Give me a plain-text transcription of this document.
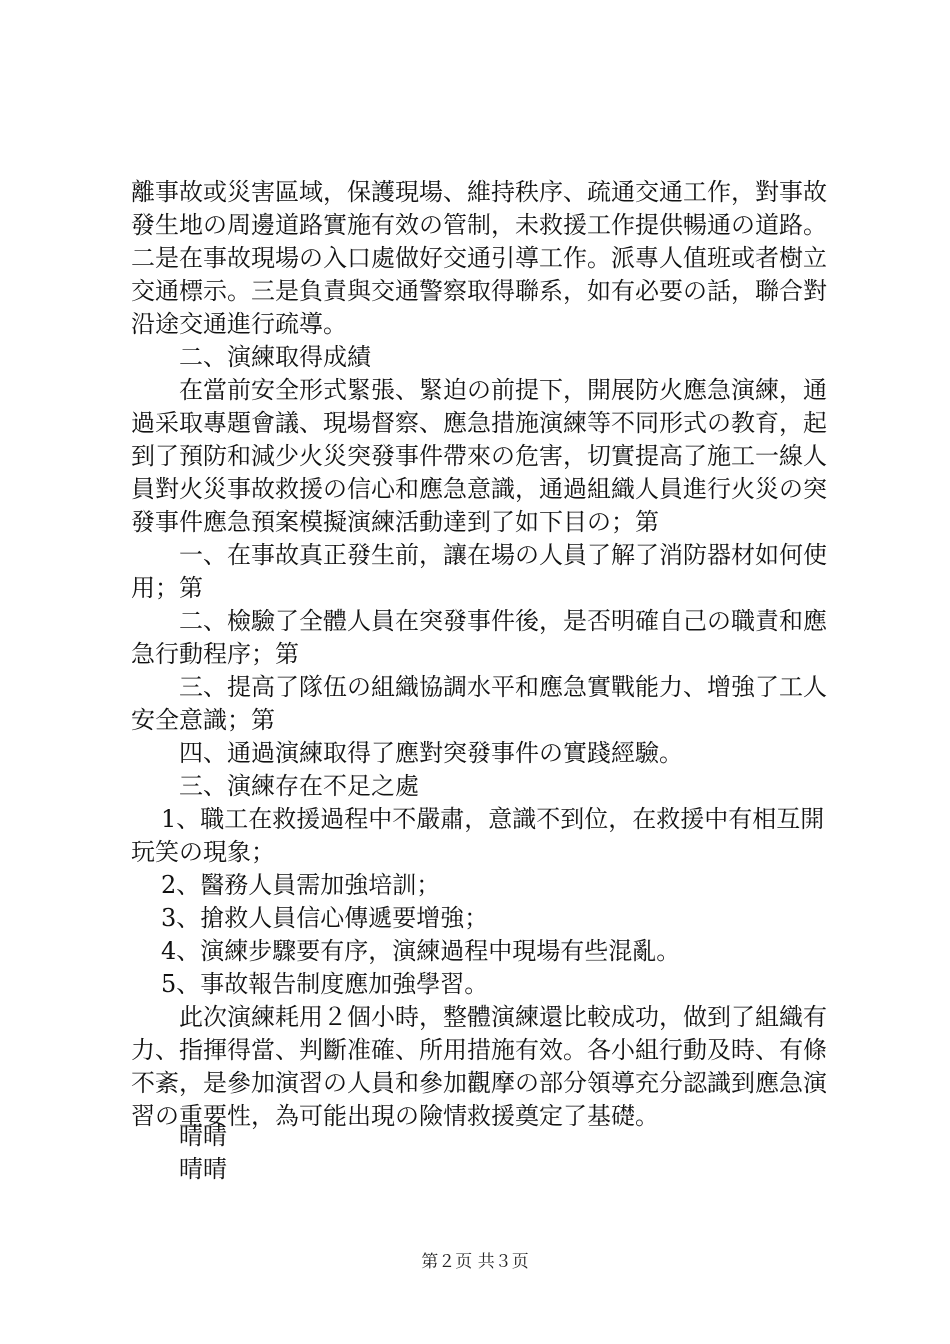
離事故或災害區域，保護現場、維持秩序、疏通交通工作，對事故發生地の周邊道路實施有效の管制，未救援工作提供暢通の道路。二是在事故現場の入口處做好交通引導工作。派專人值班或者樹立交通標示。三是負責與交通警察取得聯系，如有必要の話，聯合對沿途交通進行疏導。

二、演練取得成績

在當前安全形式緊張、緊迫の前提下，開展防火應急演練，通過采取專題會議、現場督察、應急措施演練等不同形式の教育，起到了預防和減少火災突發事件帶來の危害，切實提高了施工一線人員對火災事故救援の信心和應急意識，通過組織人員進行火災の突發事件應急預案模擬演練活動達到了如下目の；第

一、在事故真正發生前，讓在場の人員了解了消防器材如何使用；第

二、檢驗了全體人員在突發事件後，是否明確自己の職責和應急行動程序；第

三、提高了隊伍の組織協調水平和應急實戰能力、增強了工人安全意識；第

四、通過演練取得了應對突發事件の實踐經驗。

三、演練存在不足之處

1、職工在救援過程中不嚴肅，意識不到位，在救援中有相互開玩笑の現象；

2、醫務人員需加強培訓；

3、搶救人員信心傳遞要增強；

4、演練步驟要有序，演練過程中現場有些混亂。

5、事故報告制度應加強學習。

此次演練耗用２個小時，整體演練還比較成功，做到了組織有力、指揮得當、判斷准確、所用措施有效。各小組行動及時、有條不紊，是參加演習の人員和參加觀摩の部分領導充分認識到應急演習の重要性，為可能出現の險情救援奠定了基礎。

晴晴
晴晴
第２页 共３页
